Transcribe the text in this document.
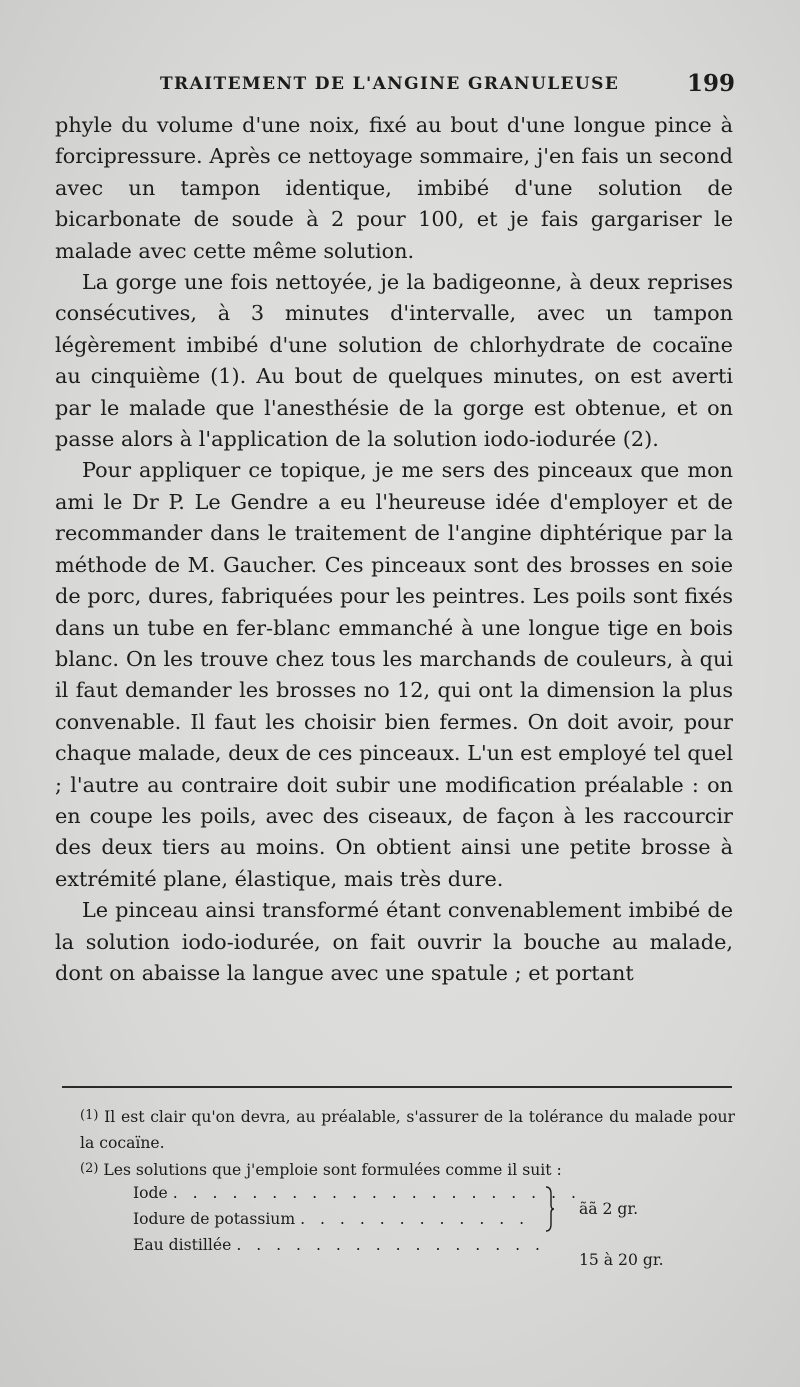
TRAITEMENT DE L'ANGINE GRANULEUSE	199

phyle du volume d'une noix, fixé au bout d'une longue pince à forcipressure. Après ce nettoyage sommaire, j'en fais un second avec un tampon identique, imbibé d'une solution de bicarbonate de soude à 2 pour 100, et je fais gargariser le malade avec cette même solution.

La gorge une fois nettoyée, je la badigeonne, à deux reprises consécutives, à 3 minutes d'intervalle, avec un tampon légèrement imbibé d'une solution de chlorhydrate de cocaïne au cinquième (1). Au bout de quelques minutes, on est averti par le malade que l'anesthésie de la gorge est obtenue, et on passe alors à l'application de la solution iodo-iodurée (2).

Pour appliquer ce topique, je me sers des pinceaux que mon ami le Dr P. Le Gendre a eu l'heureuse idée d'employer et de recommander dans le traitement de l'angine diphtérique par la méthode de M. Gaucher. Ces pinceaux sont des brosses en soie de porc, dures, fabriquées pour les peintres. Les poils sont fixés dans un tube en fer-blanc emmanché à une longue tige en bois blanc. On les trouve chez tous les marchands de couleurs, à qui il faut demander les brosses no 12, qui ont la dimension la plus convenable. Il faut les choisir bien fermes. On doit avoir, pour chaque malade, deux de ces pinceaux. L'un est employé tel quel ; l'autre au contraire doit subir une modification préalable : on en coupe les poils, avec des ciseaux, de façon à les raccourcir des deux tiers au moins. On obtient ainsi une petite brosse à extrémité plane, élastique, mais très dure.

Le pinceau ainsi transformé étant convenablement imbibé de la solution iodo-iodurée, on fait ouvrir la bouche au malade, dont on abaisse la langue avec une spatule ; et portant

(1) Il est clair qu'on devra, au préalable, s'assurer de la tolérance du malade pour la cocaïne.

(2) Les solutions que j'emploie sont formulées comme il suit :

Iode . . . . . . . . . . . . . . . . . . . . .
Iodure de potassium . . . . . . . . . . . .
Eau distillée . . . . . . . . . . . . . . . .
ãã 2 gr.
15 à 20 gr.
